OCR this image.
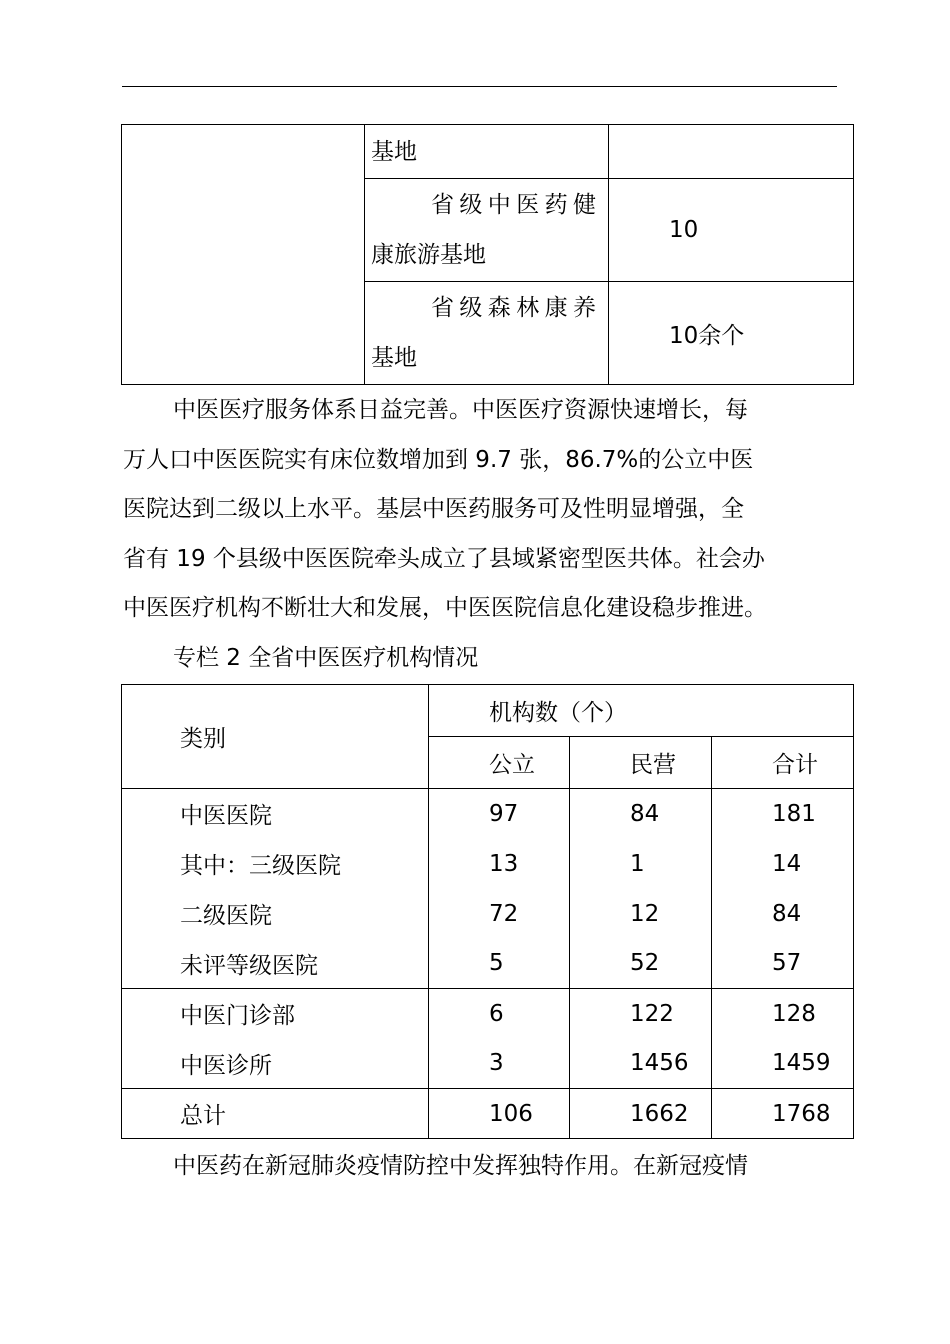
	基地	

	省级中医药健
康旅游基地	10

	省级森林康养
基地	10余个
中医医疗服务体系日益完善。中医医疗资源快速增长，每
万人口中医医院实有床位数增加到 9.7 张，86.7%的公立中医
医院达到二级以上水平。基层中医药服务可及性明显增强，全
省有 19 个县级中医医院牵头成立了县域紧密型医共体。社会办
中医医疗机构不断壮大和发展，中医医院信息化建设稳步推进。
专栏 2 全省中医医疗机构情况
类别	机构数（个）		
	公立	民营	合计
中医医院	97	84	181
其中：三级医院	13	1	14
二级医院	72	12	84
未评等级医院	5	52	57
中医门诊部	6	122	128
中医诊所	3	1456	1459
总计	106	1662	1768
中医药在新冠肺炎疫情防控中发挥独特作用。在新冠疫情
